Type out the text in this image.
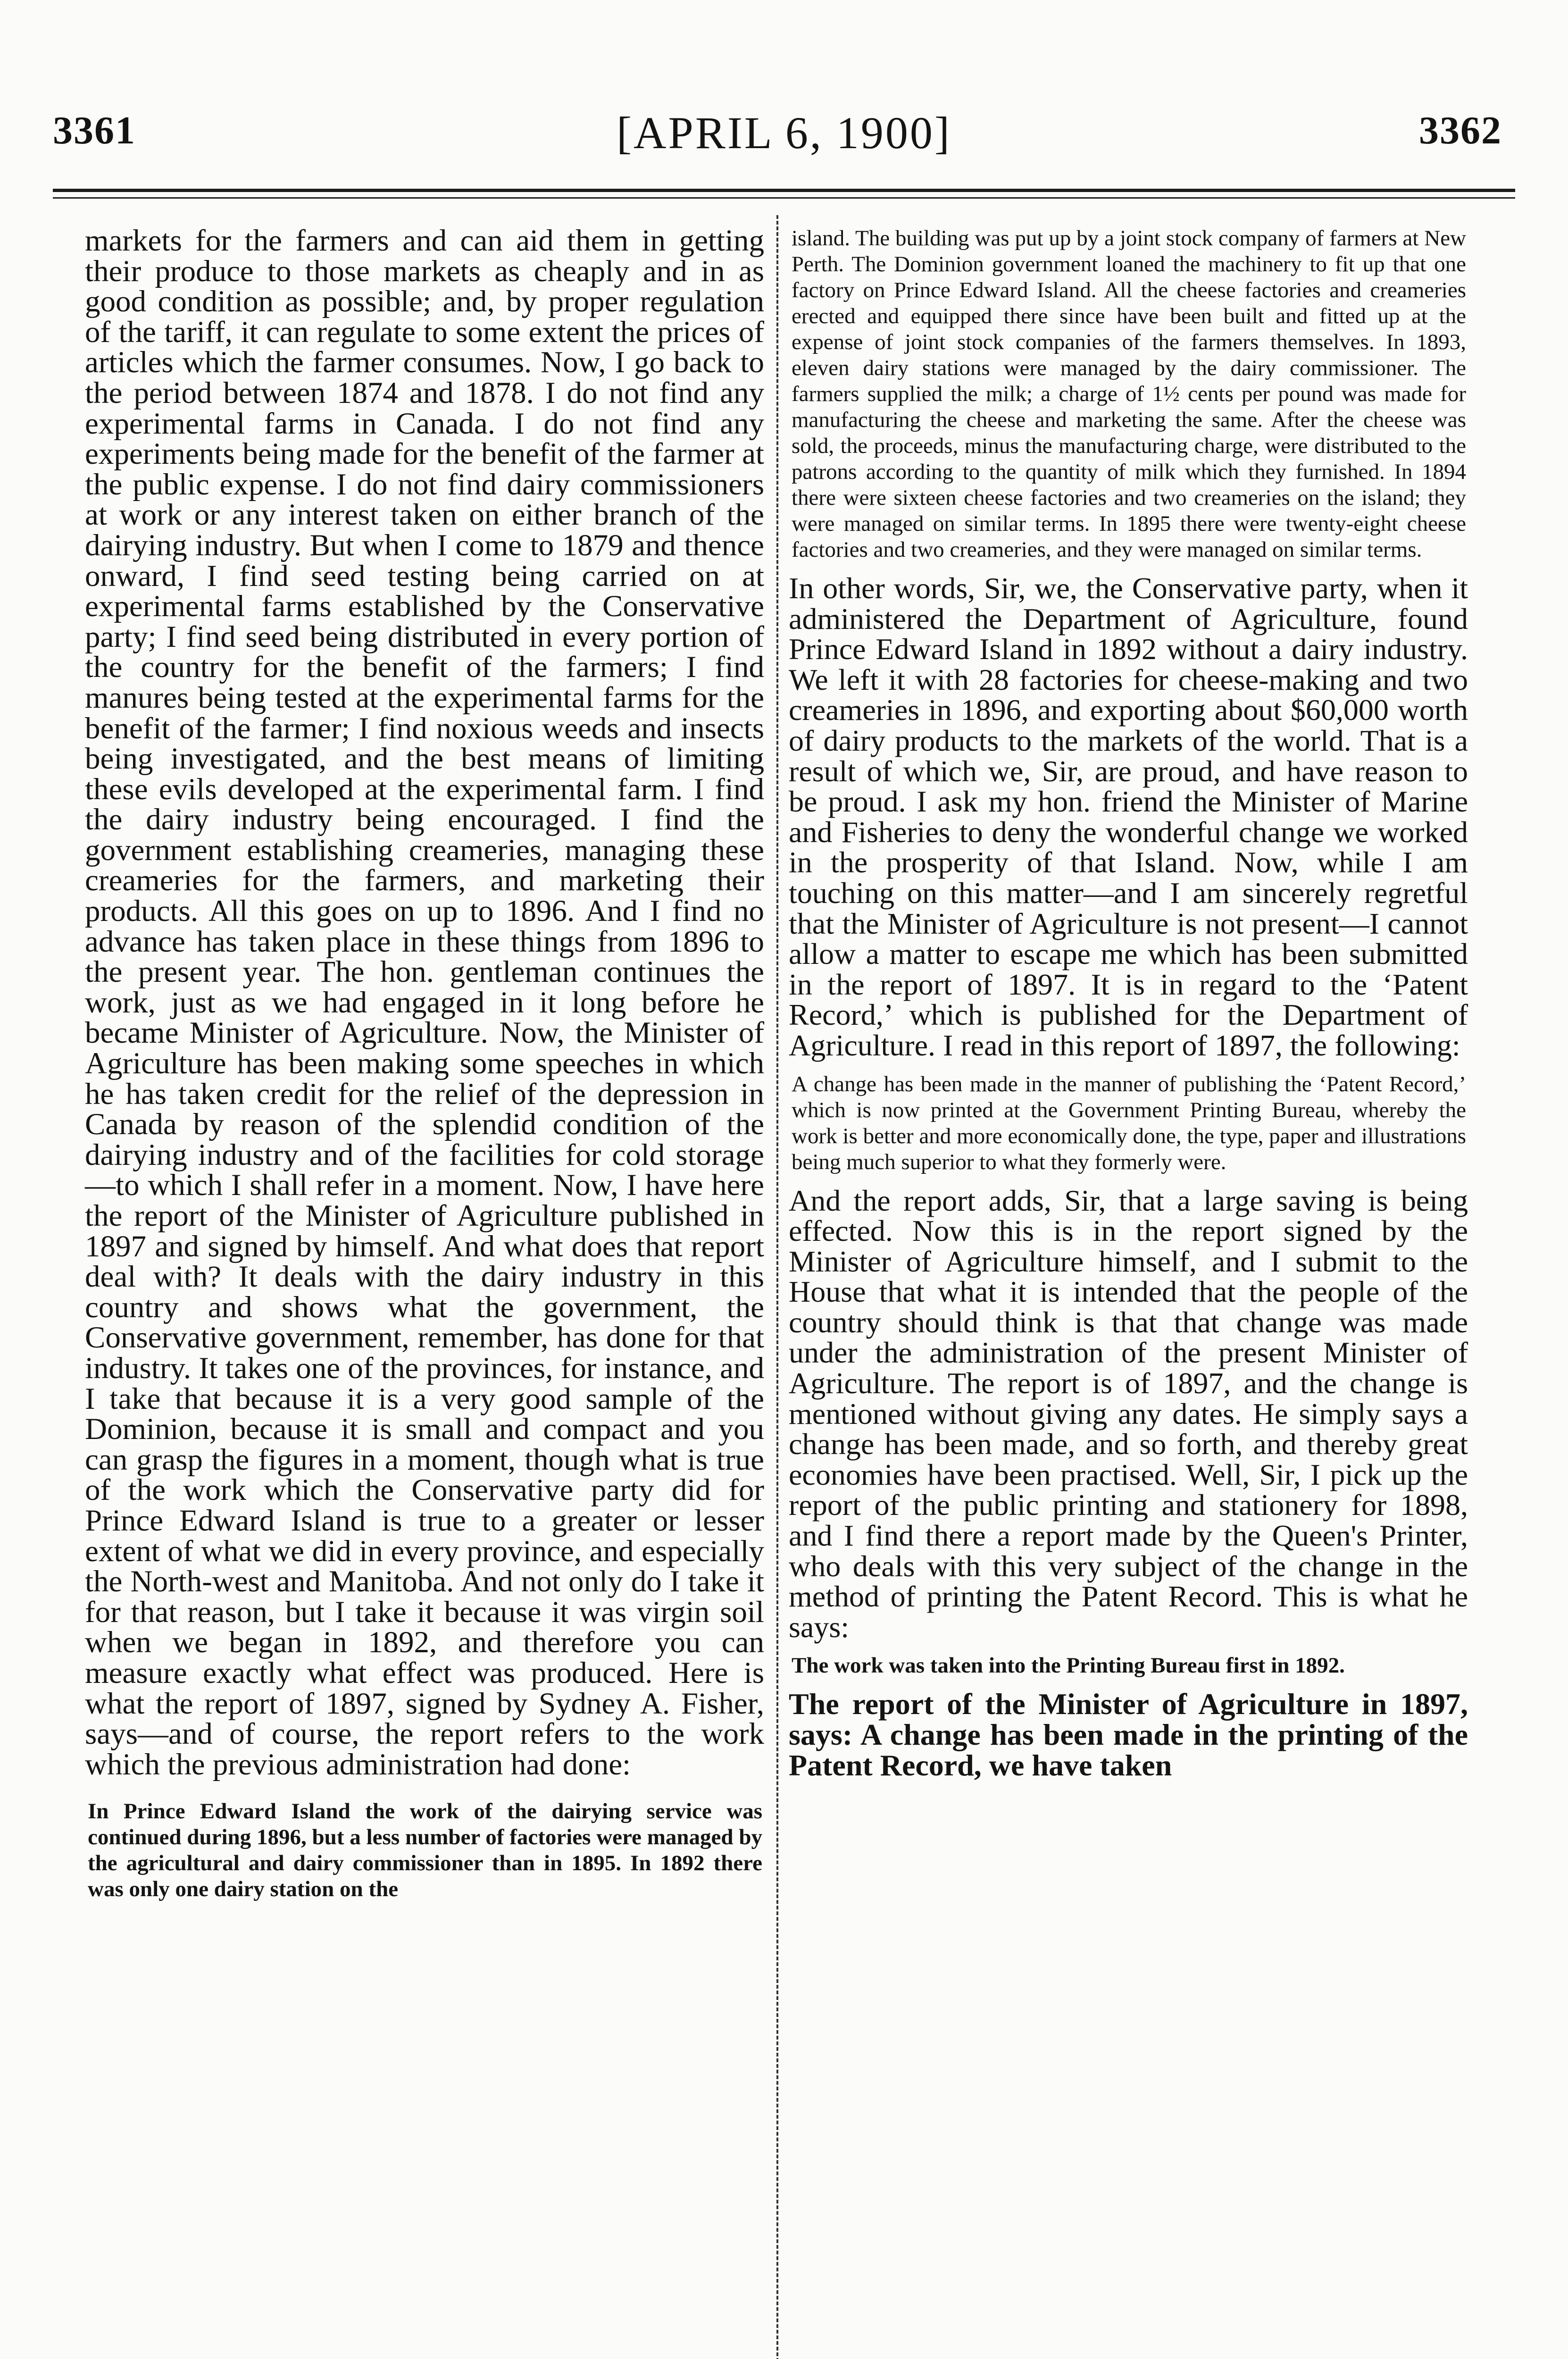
3361	[APRIL 6, 1900]	3362

markets for the farmers and can aid them in getting their produce to those markets as cheaply and in as good condition as possible; and, by proper regulation of the tariff, it can regulate to some extent the prices of articles which the farmer consumes. Now, I go back to the period between 1874 and 1878. I do not find any experimental farms in Canada. I do not find any experiments being made for the benefit of the farmer at the public expense. I do not find dairy commissioners at work or any interest taken on either branch of the dairying industry. But when I come to 1879 and thence onward, I find seed testing being carried on at experimental farms established by the Conservative party; I find seed being distributed in every portion of the country for the benefit of the farmers; I find manures being tested at the experimental farms for the benefit of the farmer; I find noxious weeds and insects being investigated, and the best means of limiting these evils developed at the experimental farm. I find the dairy industry being encouraged. I find the government establishing creameries, managing these creameries for the farmers, and marketing their products. All this goes on up to 1896. And I find no advance has taken place in these things from 1896 to the present year. The hon. gentleman continues the work, just as we had engaged in it long before he became Minister of Agriculture. Now, the Minister of Agriculture has been making some speeches in which he has taken credit for the relief of the depression in Canada by reason of the splendid condition of the dairying industry and of the facilities for cold storage—to which I shall refer in a moment. Now, I have here the report of the Minister of Agriculture published in 1897 and signed by himself. And what does that report deal with? It deals with the dairy industry in this country and shows what the government, the Conservative government, remember, has done for that industry. It takes one of the provinces, for instance, and I take that because it is a very good sample of the Dominion, because it is small and compact and you can grasp the figures in a moment, though what is true of the work which the Conservative party did for Prince Edward Island is true to a greater or lesser extent of what we did in every province, and especially the North-west and Manitoba. And not only do I take it for that reason, but I take it because it was virgin soil when we began in 1892, and therefore you can measure exactly what effect was produced. Here is what the report of 1897, signed by Sydney A. Fisher, says—and of course, the report refers to the work which the previous administration had done:

In Prince Edward Island the work of the dairying service was continued during 1896, but a less number of factories were managed by the agricultural and dairy commissioner than in 1895. In 1892 there was only one dairy station on the

island. The building was put up by a joint stock company of farmers at New Perth. The Dominion government loaned the machinery to fit up that one factory on Prince Edward Island. All the cheese factories and creameries erected and equipped there since have been built and fitted up at the expense of joint stock companies of the farmers themselves. In 1893, eleven dairy stations were managed by the dairy commissioner. The farmers supplied the milk; a charge of 1½ cents per pound was made for manufacturing the cheese and marketing the same. After the cheese was sold, the proceeds, minus the manufacturing charge, were distributed to the patrons according to the quantity of milk which they furnished. In 1894 there were sixteen cheese factories and two creameries on the island; they were managed on similar terms. In 1895 there were twenty-eight cheese factories and two creameries, and they were managed on similar terms.

In other words, Sir, we, the Conservative party, when it administered the Department of Agriculture, found Prince Edward Island in 1892 without a dairy industry. We left it with 28 factories for cheese-making and two creameries in 1896, and exporting about $60,000 worth of dairy products to the markets of the world. That is a result of which we, Sir, are proud, and have reason to be proud. I ask my hon. friend the Minister of Marine and Fisheries to deny the wonderful change we worked in the prosperity of that Island. Now, while I am touching on this matter—and I am sincerely regretful that the Minister of Agriculture is not present—I cannot allow a matter to escape me which has been submitted in the report of 1897. It is in regard to the ‘Patent Record,’ which is published for the Department of Agriculture. I read in this report of 1897, the following:

A change has been made in the manner of publishing the ‘Patent Record,’ which is now printed at the Government Printing Bureau, whereby the work is better and more economically done, the type, paper and illustrations being much superior to what they formerly were.

And the report adds, Sir, that a large saving is being effected. Now this is in the report signed by the Minister of Agriculture himself, and I submit to the House that what it is intended that the people of the country should think is that that change was made under the administration of the present Minister of Agriculture. The report is of 1897, and the change is mentioned without giving any dates. He simply says a change has been made, and so forth, and thereby great economies have been practised. Well, Sir, I pick up the report of the public printing and stationery for 1898, and I find there a report made by the Queen's Printer, who deals with this very subject of the change in the method of printing the Patent Record. This is what he says:

The work was taken into the Printing Bureau first in 1892.

The report of the Minister of Agriculture in 1897, says: A change has been made in the printing of the Patent Record, we have taken
